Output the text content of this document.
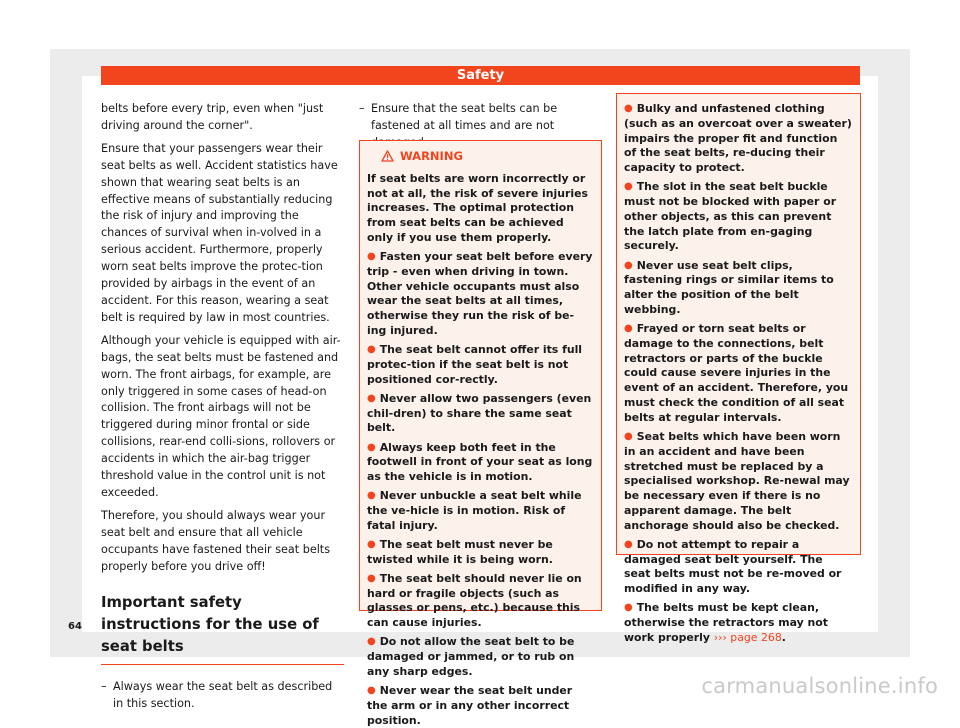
Safety

belts before every trip, even when "just driving around the corner".

Ensure that your passengers wear their seat belts as well. Accident statistics have shown that wearing seat belts is an effective means of substantially reducing the risk of injury and improving the chances of survival when in-volved in a serious accident. Furthermore, properly worn seat belts improve the protec-tion provided by airbags in the event of an accident. For this reason, wearing a seat belt is required by law in most countries.

Although your vehicle is equipped with air-bags, the seat belts must be fastened and worn. The front airbags, for example, are only triggered in some cases of head-on collision. The front airbags will not be triggered during minor frontal or side collisions, rear-end colli-sions, rollovers or accidents in which the air-bag trigger threshold value in the control unit is not exceeded.

Therefore, you should always wear your seat belt and ensure that all vehicle occupants have fastened their seat belts properly before you drive off!

Important safety instructions for the use of seat belts

– Always wear the seat belt as described in this section.

– Ensure that the seat belts can be fastened at all times and are not

WARNING
If seat belts are worn incorrectly or not at all, the risk of severe injuries increases. The optimal protection from seat belts can be achieved only if you use them properly.
● Fasten your seat belt before every trip - even when driving in town. Other vehicle occupants must also wear the seat belts at all times, otherwise they run the risk of be-ing injured.
● The seat belt cannot offer its full protec-tion if the seat belt is not positioned cor-rectly.
● Never allow two passengers (even chil-dren) to share the same seat belt.
● Always keep both feet in the footwell in front of your seat as long as the vehicle is in motion.
● Never unbuckle a seat belt while the ve-hicle is in motion. Risk of fatal injury.
● The seat belt must never be twisted while it is being worn.
● The seat belt should never lie on hard or fragile objects (such as glasses or pens, etc.) because this can cause injuries.
● Do not allow the seat belt to be damaged or jammed, or to rub on any sharp edges.
● Never wear the seat belt under the arm or in any other incorrect position.
● Bulky and unfastened clothing (such as an overcoat over a sweater) impairs the proper fit and function of the seat belts, re-ducing their capacity to protect.
● The slot in the seat belt buckle must not be blocked with paper or other objects, as this can prevent the latch plate from en-gaging securely.
● Never use seat belt clips, fastening rings or similar items to alter the position of the belt webbing.
● Frayed or torn seat belts or damage to the connections, belt retractors or parts of the buckle could cause severe injuries in the event of an accident. Therefore, you must check the condition of all seat belts at regular intervals.
● Seat belts which have been worn in an accident and have been stretched must be replaced by a specialised workshop. Re-newal may be necessary even if there is no apparent damage. The belt anchorage should also be checked.
● Do not attempt to repair a damaged seat belt yourself. The seat belts must not be re-moved or modified in any way.
● The belts must be kept clean, otherwise the retractors may not work properly ››› page 268.
64
carmanualsonline.info
